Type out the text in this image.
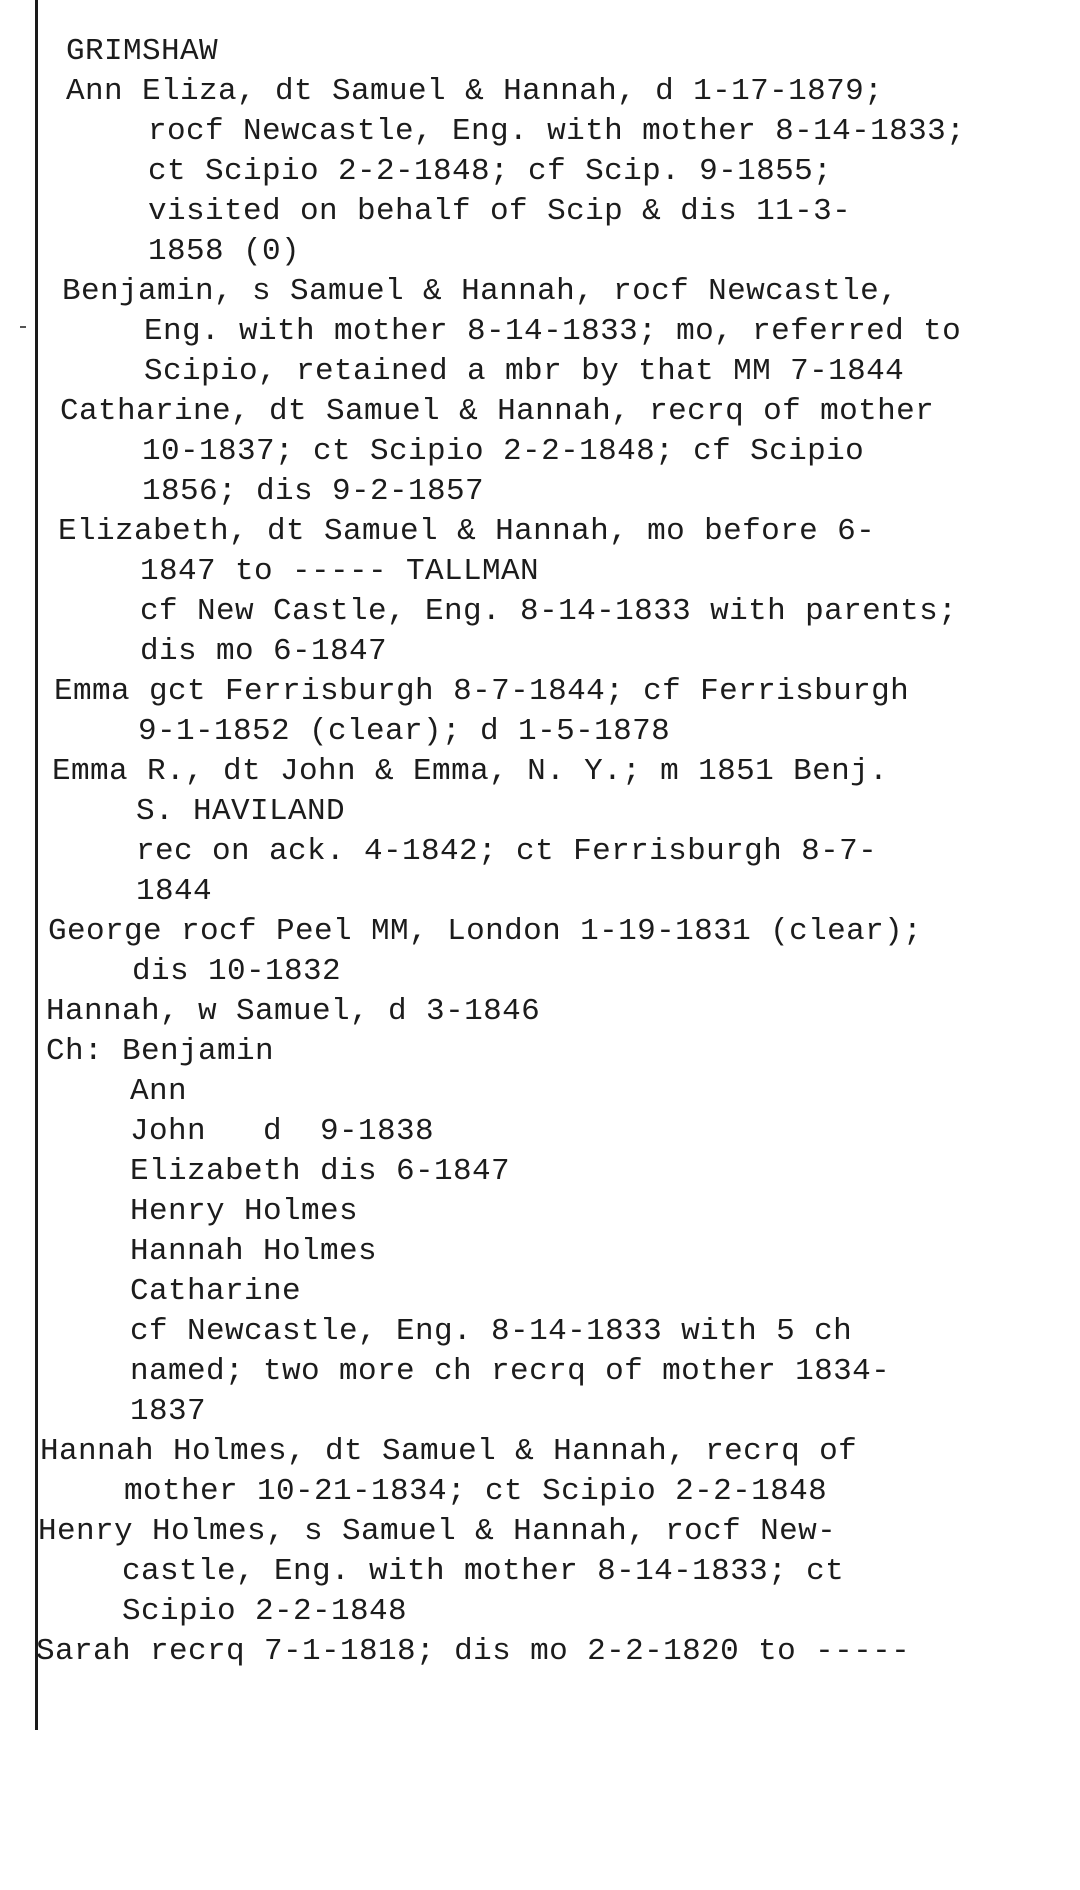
GRIMSHAW

Ann Eliza, dt Samuel & Hannah, d 1-17-1879;

rocf Newcastle, Eng. with mother 8-14-1833;

ct Scipio 2-2-1848; cf Scip. 9-1855;

visited on behalf of Scip & dis 11-3-

1858 (0)

Benjamin, s Samuel & Hannah, rocf Newcastle,

Eng. with mother 8-14-1833; mo, referred to

Scipio, retained a mbr by that MM 7-1844

Catharine, dt Samuel & Hannah, recrq of mother

10-1837; ct Scipio 2-2-1848; cf Scipio

1856; dis 9-2-1857

Elizabeth, dt Samuel & Hannah, mo before 6-

1847 to ----- TALLMAN

cf New Castle, Eng. 8-14-1833 with parents;

dis mo 6-1847

Emma gct Ferrisburgh 8-7-1844; cf Ferrisburgh

9-1-1852 (clear); d 1-5-1878

Emma R., dt John & Emma, N. Y.; m 1851 Benj.

S. HAVILAND

rec on ack. 4-1842; ct Ferrisburgh 8-7-

1844

George rocf Peel MM, London 1-19-1831 (clear);

dis 10-1832

Hannah, w Samuel, d 3-1846

Ch: Benjamin

Ann

John   d  9-1838

Elizabeth dis 6-1847

Henry Holmes

Hannah Holmes

Catharine

cf Newcastle, Eng. 8-14-1833 with 5 ch

named; two more ch recrq of mother 1834-

1837

Hannah Holmes, dt Samuel & Hannah, recrq of

mother 10-21-1834; ct Scipio 2-2-1848

Henry Holmes, s Samuel & Hannah, rocf New-

castle, Eng. with mother 8-14-1833; ct

Scipio 2-2-1848

Sarah recrq 7-1-1818; dis mo 2-2-1820 to -----
